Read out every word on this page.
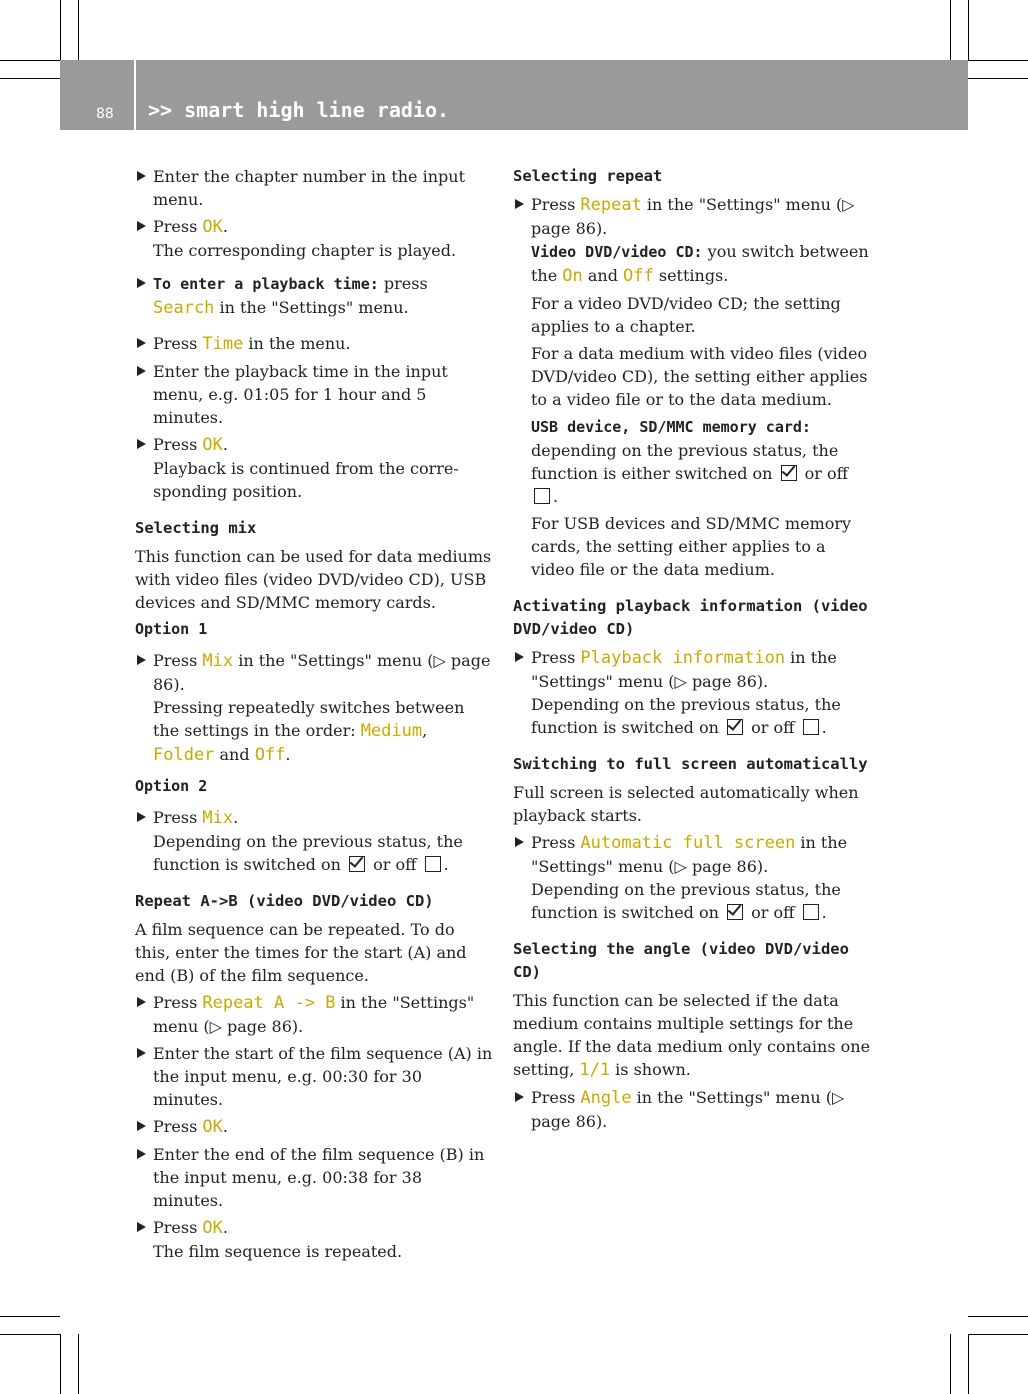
88 >> smart high line radio.
Enter the chapter number in the input menu.
Press OK.
The corresponding chapter is played.
To enter a playback time: press Search in the "Settings" menu.
Press Time in the menu.
Enter the playback time in the input menu, e.g. 01:05 for 1 hour and 5 minutes.
Press OK.
Playback is continued from the corre-sponding position.
Selecting mix
This function can be used for data mediums with video files (video DVD/video CD), USB devices and SD/MMC memory cards.
Option 1
Press Mix in the "Settings" menu (▷ page 86).
Pressing repeatedly switches between the settings in the order: Medium, Folder and Off.
Option 2
Press Mix.
Depending on the previous status, the function is switched on  or off .
Repeat A->B (video DVD/video CD)
A film sequence can be repeated. To do this, enter the times for the start (A) and end (B) of the film sequence.
Press Repeat A -> B in the "Settings" menu (▷ page 86).
Enter the start of the film sequence (A) in the input menu, e.g. 00:30 for 30 minutes.
Press OK.
Enter the end of the film sequence (B) in the input menu, e.g. 00:38 for 38 minutes.
Press OK.
The film sequence is repeated.
Selecting repeat
Press Repeat in the "Settings" menu (▷ page 86).
Video DVD/video CD: you switch between the On and Off settings.
For a video DVD/video CD; the setting applies to a chapter.
For a data medium with video files (video DVD/video CD), the setting either applies to a video file or to the data medium.
USB device, SD/MMC memory card:
depending on the previous status, the function is either switched on  or off .
For USB devices and SD/MMC memory cards, the setting either applies to a video file or the data medium.
Activating playback information (video DVD/video CD)
Press Playback information in the "Settings" menu (▷ page 86).
Depending on the previous status, the function is switched on  or off .
Switching to full screen automatically
Full screen is selected automatically when playback starts.
Press Automatic full screen in the "Settings" menu (▷ page 86).
Depending on the previous status, the function is switched on  or off .
Selecting the angle (video DVD/video CD)
This function can be selected if the data medium contains multiple settings for the angle. If the data medium only contains one setting, 1/1 is shown.
Press Angle in the "Settings" menu (▷ page 86).
